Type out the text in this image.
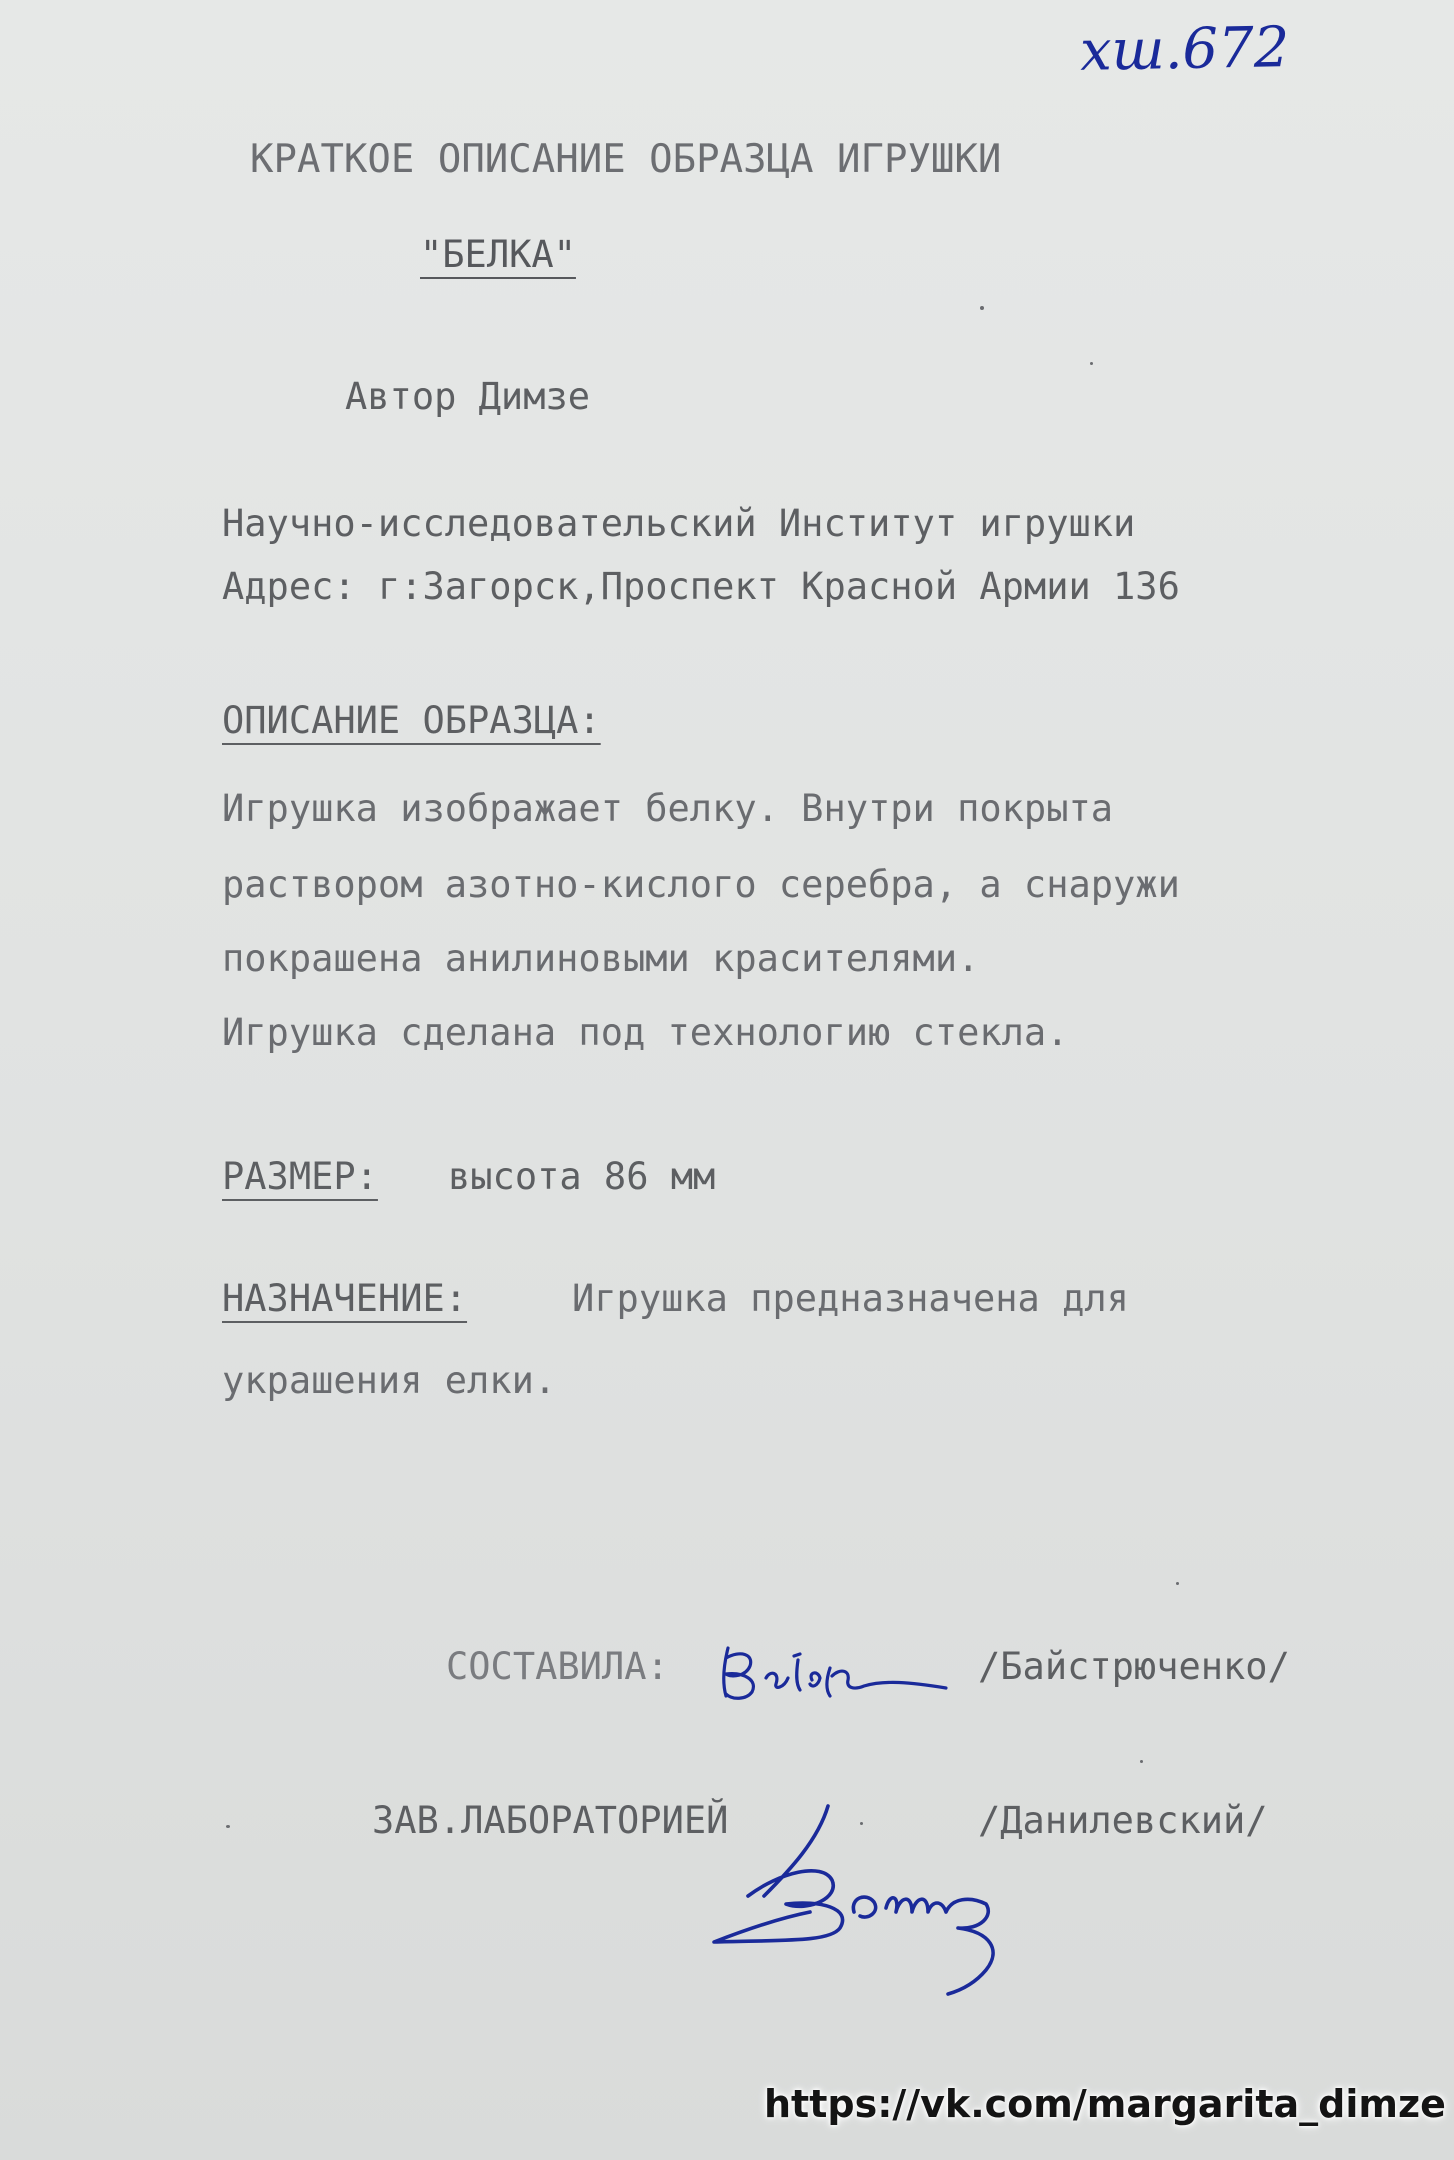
хш.672
КРАТКОЕ ОПИСАНИЕ ОБРАЗЦА ИГРУШКИ
"БЕЛКА"
Автор Димзе
Научно-исследовательский Институт игрушки
Адрес: г:Загорск,Проспект Красной Армии 136
ОПИСАНИЕ ОБРАЗЦА:
Игрушка изображает белку. Внутри покрыта
раствором азотно-кислого серебра, а снаружи
покрашена анилиновыми красителями.
Игрушка сделана под технологию стекла.
РАЗМЕР: высота 86 мм
НАЗНАЧЕНИЕ:	Игрушка предназначена для
украшения елки.
СОСТАВИЛА:	/Байстрюченко/
ЗАВ.ЛАБОРАТОРИЕЙ	/Данилевский/
https://vk.com/margarita_dimze
